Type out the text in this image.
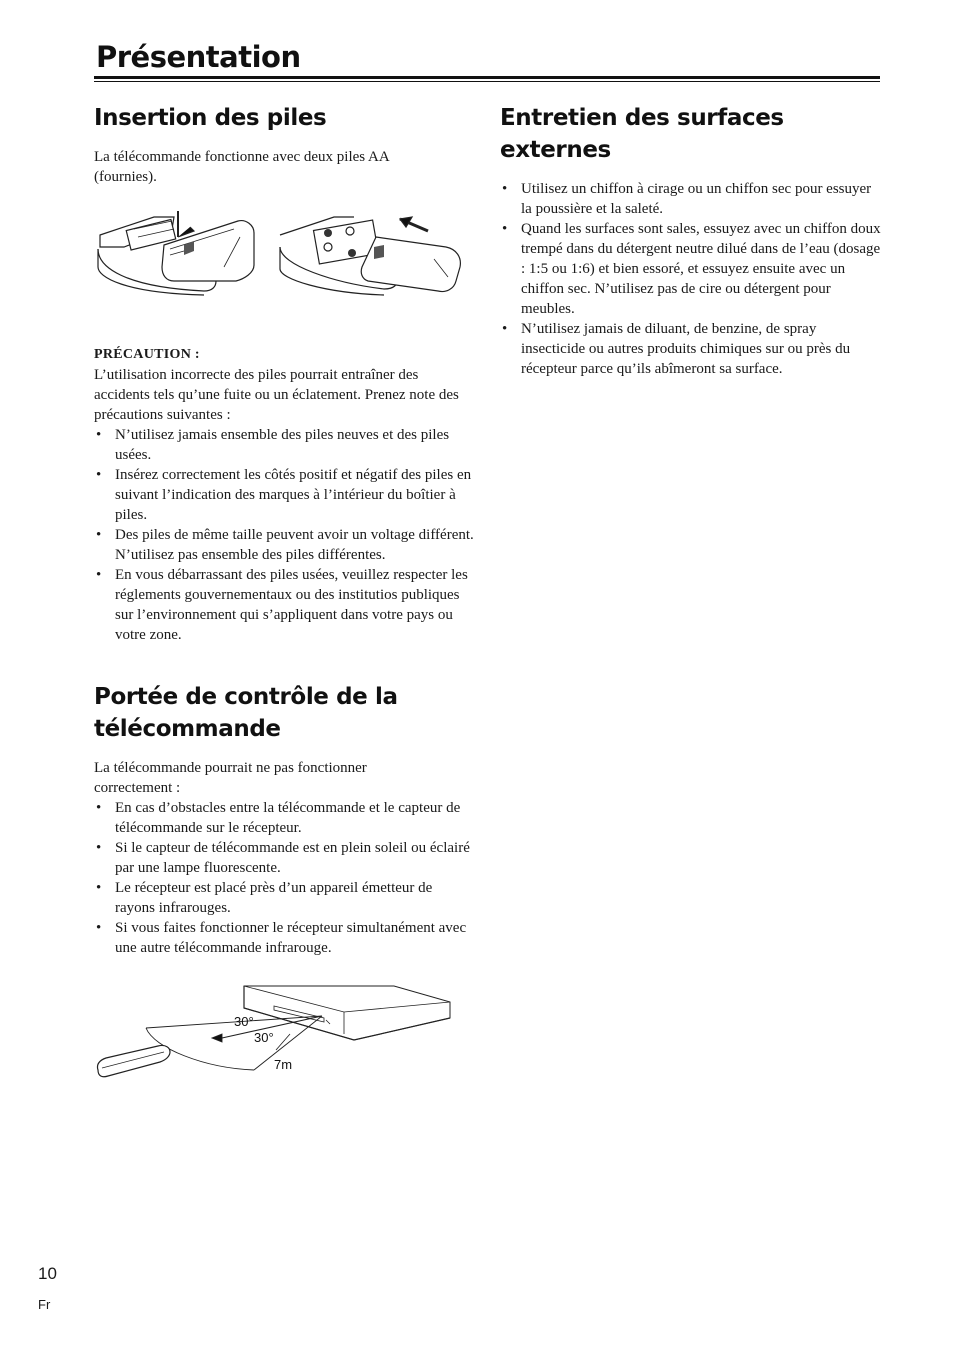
Présentation
Insertion des piles

La télécommande fonctionne avec deux piles AA (fournies).

PRÉCAUTION :

L’utilisation incorrecte des piles pourrait entraîner des accidents tels qu’une fuite ou un éclatement. Prenez note des précautions suivantes :

• N’utilisez jamais ensemble des piles neuves et des piles usées.
• Insérez correctement les côtés positif et négatif des piles en suivant l’indication des marques à l’intérieur du boîtier à piles.
• Des piles de même taille peuvent avoir un voltage différent. N’utilisez pas ensemble des piles différentes.
• En vous débarrassant des piles usées, veuillez respecter les réglements gouvernementaux ou des institutios publiques sur l’environnement qui s’appliquent dans votre pays ou votre zone.
Portée de contrôle de la
télécommande

La télécommande pourrait ne pas fonctionner correctement :

• En cas d’obstacles entre la télécommande et le capteur de télécommande sur le récepteur.
• Si le capteur de télécommande est en plein soleil ou éclairé par une lampe fluorescente.
• Le récepteur est placé près d’un appareil émetteur de rayons infrarouges.
• Si vous faites fonctionner le récepteur simultanément avec une autre télécommande infrarouge.
30°
30°
7m
Entretien des surfaces externes
• Utilisez un chiffon à cirage ou un chiffon sec pour essuyer la poussière et la saleté.
• Quand les surfaces sont sales, essuyez avec un chiffon doux trempé dans du détergent neutre dilué dans de l’eau (dosage : 1:5 ou 1:6) et bien essoré, et essuyez ensuite avec un chiffon sec. N’utilisez pas de cire ou détergent pour meubles.
• N’utilisez jamais de diluant, de benzine, de spray insecticide ou autres produits chimiques sur ou près du récepteur parce qu’ils abîmeront sa surface.
10
Fr
